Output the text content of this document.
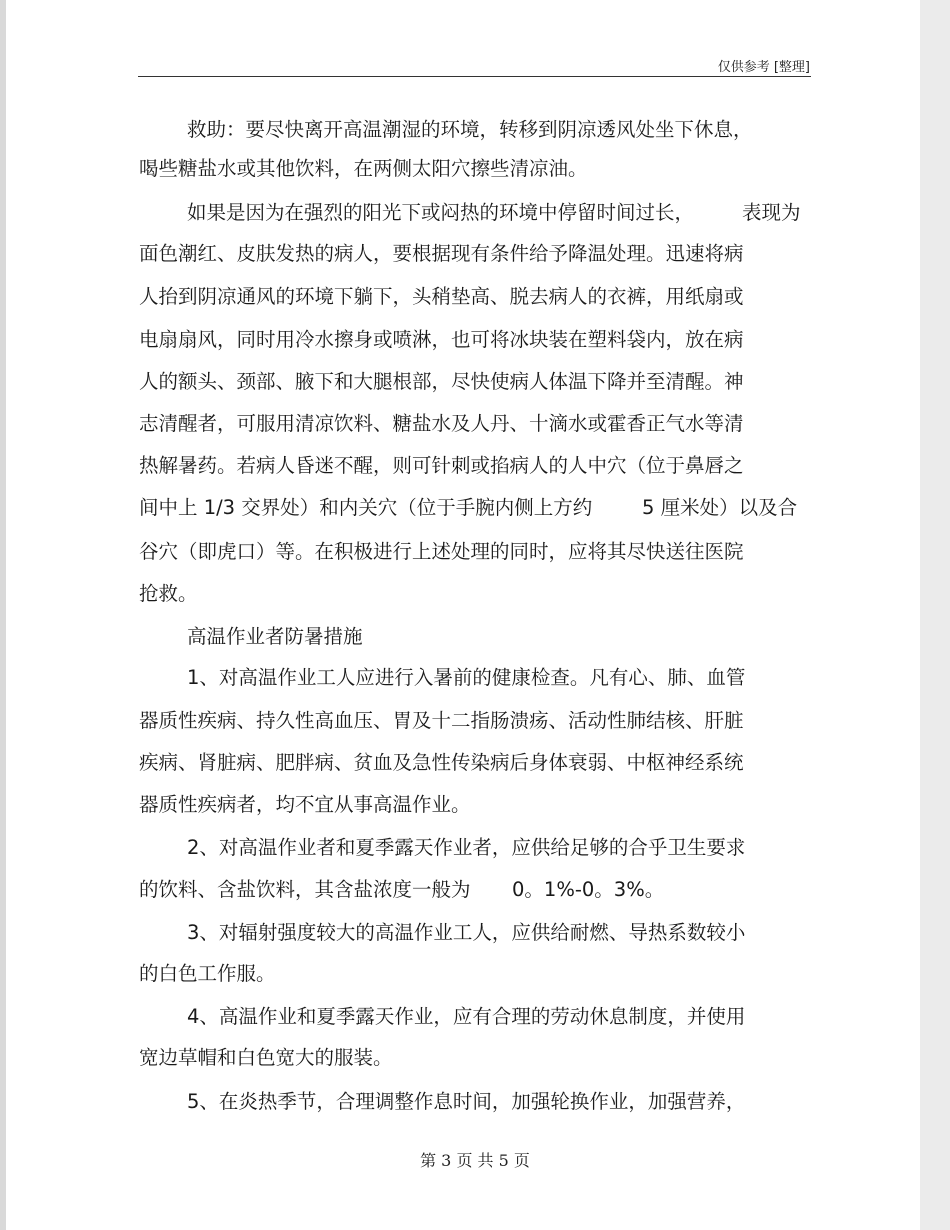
仅供参考 [整理]
救助：要尽快离开高温潮湿的环境，转移到阴凉透风处坐下休息，
喝些糖盐水或其他饮料，在两侧太阳穴擦些清凉油。
如果是因为在强烈的阳光下或闷热的环境中停留时间过长， 表现为
面色潮红、皮肤发热的病人，要根据现有条件给予降温处理。迅速将病
人抬到阴凉通风的环境下躺下，头稍垫高、脱去病人的衣裤，用纸扇或
电扇扇风，同时用冷水擦身或喷淋，也可将冰块装在塑料袋内，放在病
人的额头、颈部、腋下和大腿根部，尽快使病人体温下降并至清醒。神
志清醒者，可服用清凉饮料、糖盐水及人丹、十滴水或霍香正气水等清
热解暑药。若病人昏迷不醒，则可针刺或掐病人的人中穴（位于鼻唇之
间中上 1/3 交界处）和内关穴（位于手腕内侧上方约	5 厘米处）以及合
谷穴（即虎口）等。在积极进行上述处理的同时，应将其尽快送往医院
抢救。
高温作业者防暑措施
1、对高温作业工人应进行入暑前的健康检查。凡有心、肺、血管
器质性疾病、持久性高血压、胃及十二指肠溃疡、活动性肺结核、肝脏
疾病、肾脏病、肥胖病、贫血及急性传染病后身体衰弱、中枢神经系统
器质性疾病者，均不宜从事高温作业。
2、对高温作业者和夏季露天作业者，应供给足够的合乎卫生要求
的饮料、含盐饮料，其含盐浓度一般为 0。1%-0。3%。
3、对辐射强度较大的高温作业工人，应供给耐燃、导热系数较小
的白色工作服。
4、高温作业和夏季露天作业，应有合理的劳动休息制度，并使用
宽边草帽和白色宽大的服装。
5、在炎热季节，合理调整作息时间，加强轮换作业，加强营养，
第 3 页 共 5 页
